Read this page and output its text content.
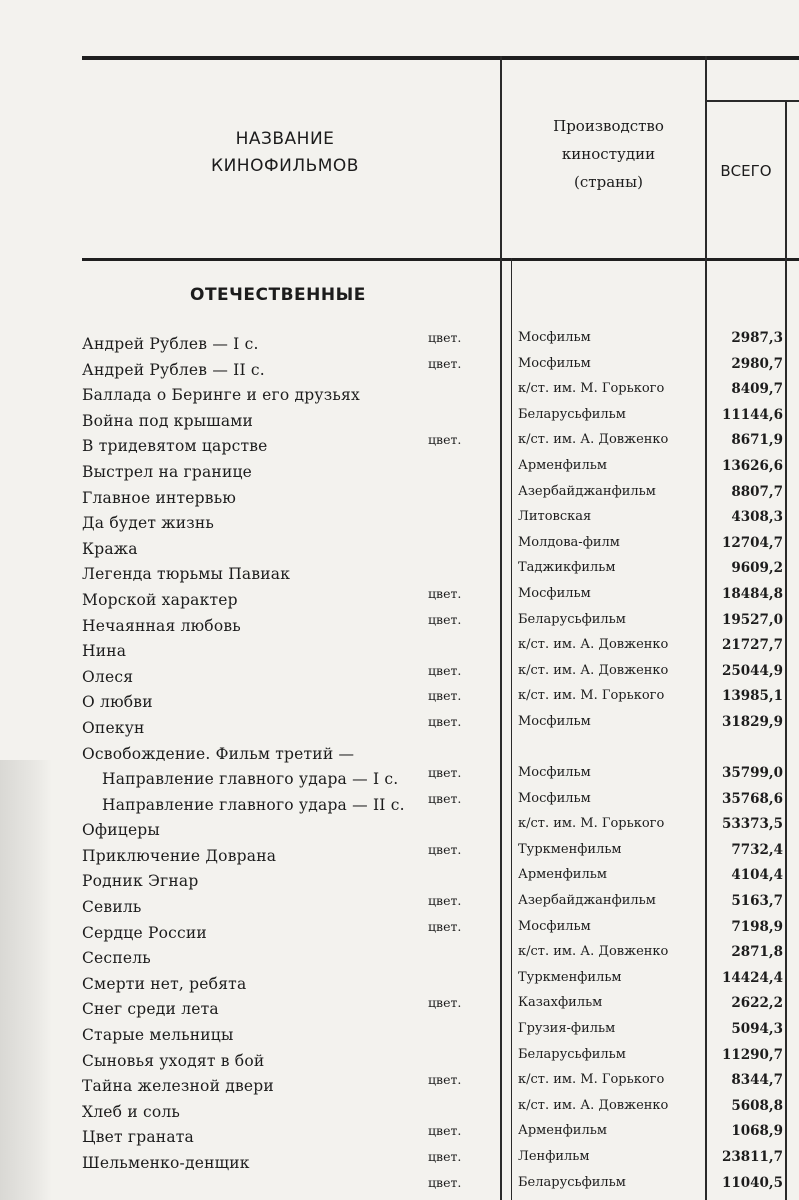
НАЗВАНИЕ
КИНОФИЛЬМОВ
Производство
киностудии
(страны)
ВСЕГО
ОТЕЧЕСТВЕННЫЕ
Андрей Рублев — I с.	цвет.	Мосфильм	2987,3
Андрей Рублев — II с.	цвет.	Мосфильм	2980,7
Баллада о Беринге и его друзьях	к/ст. им. М. Горького	8409,7
Война под крышами	Беларусьфильм	11144,6
В тридевятом царстве	цвет.	к/ст. им. А. Довженко	8671,9
Выстрел на границе	Арменфильм	13626,6
Главное интервью	Азербайджанфильм	8807,7
Да будет жизнь	Литовская	4308,3
Кража	Молдова-филм	12704,7
Легенда тюрьмы Павиак	Таджикфильм	9609,2
Морской характер	цвет.	Мосфильм	18484,8
Нечаянная любовь	цвет.	Беларусьфильм	19527,0
Нина	к/ст. им. А. Довженко	21727,7
Олеся	цвет.	к/ст. им. А. Довженко	25044,9
О любви	цвет.	к/ст. им. М. Горького	13985,1
Опекун	цвет.	Мосфильм	31829,9
Освобождение. Фильм третий —
Направление главного удара — I с. цвет.	Мосфильм	35799,0
Направление главного удара — II с. цвет.	Мосфильм	35768,6
Офицеры	к/ст. им. М. Горького	53373,5
Приключение Доврана	цвет.	Туркменфильм	7732,4
Родник Эгнар	Арменфильм	4104,4
Севиль	цвет.	Азербайджанфильм	5163,7
Сердце России	цвет.	Мосфильм	7198,9
Сеспель	к/ст. им. А. Довженко	2871,8
Смерти нет, ребята	Туркменфильм	14424,4
Снег среди лета	цвет.	Казахфильм	2622,2
Старые мельницы	Грузия-фильм	5094,3
Сыновья уходят в бой	Беларусьфильм	11290,7
Тайна железной двери	цвет.	к/ст. им. М. Горького	8344,7
Хлеб и соль	к/ст. им. А. Довженко	5608,8
Цвет граната	цвет.	Арменфильм	1068,9
Шельменко-денщик	цвет.	Ленфильм	23811,7
цвет.	Беларусьфильм	11040,5
